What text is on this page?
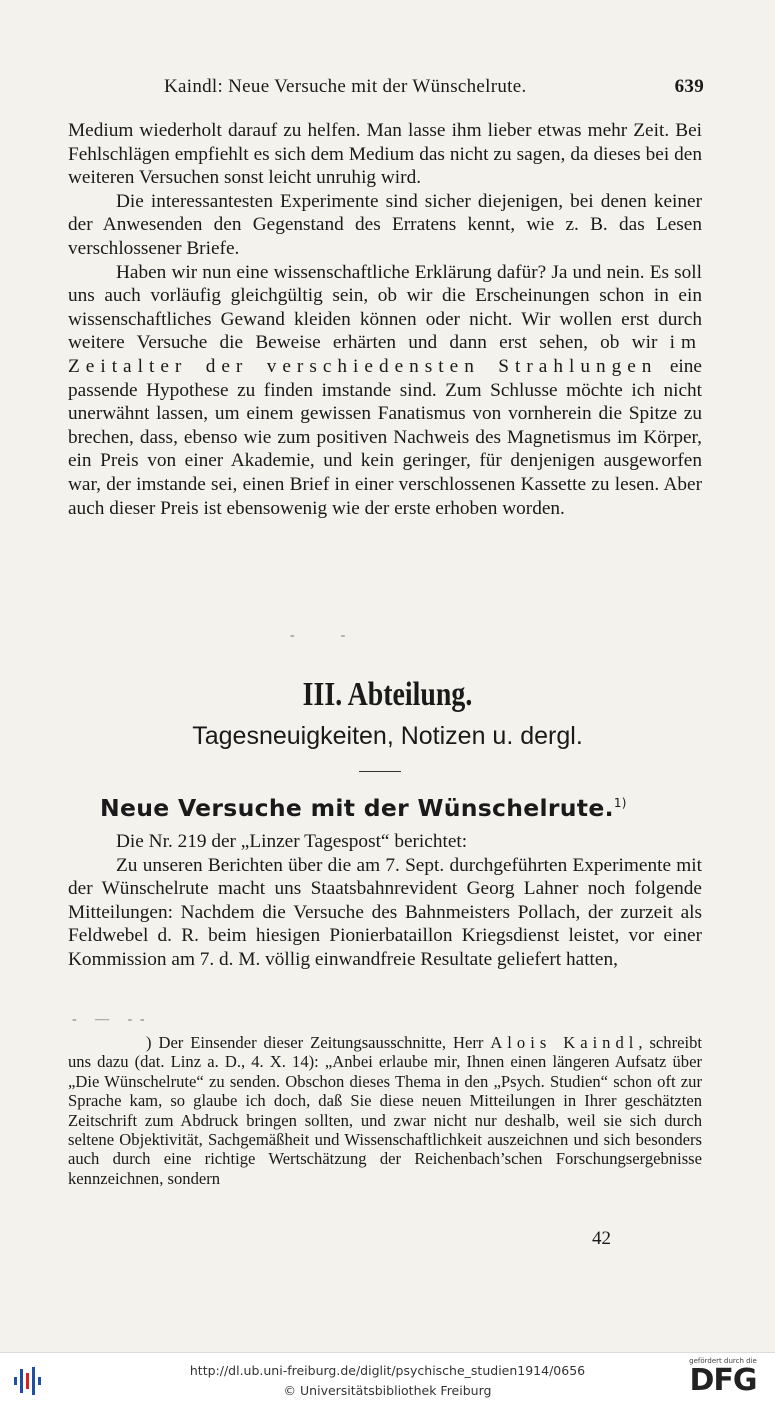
Kaindl: Neue Versuche mit der Wünschelrute.	639

Medium wiederholt darauf zu helfen. Man lasse ihm lieber etwas mehr Zeit. Bei Fehlschlägen empfiehlt es sich dem Medium das nicht zu sagen, da dieses bei den weiteren Versuchen sonst leicht unruhig wird.

Die interessantesten Experimente sind sicher diejenigen, bei denen keiner der Anwesenden den Gegenstand des Erratens kennt, wie z. B. das Lesen verschlossener Briefe.

Haben wir nun eine wissenschaftliche Erklärung dafür? Ja und nein. Es soll uns auch vorläufig gleichgültig sein, ob wir die Erscheinungen schon in ein wissenschaftliches Gewand kleiden können oder nicht. Wir wollen erst durch weitere Versuche die Beweise erhärten und dann erst sehen, ob wir im Zeitalter der verschiedensten Strahlungen eine passende Hypothese zu finden imstande sind. Zum Schlusse möchte ich nicht unerwähnt lassen, um einem gewissen Fanatismus von vornherein die Spitze zu brechen, dass, ebenso wie zum positiven Nachweis des Magnetismus im Körper, ein Preis von einer Akademie, und kein geringer, für denjenigen ausgeworfen war, der imstande sei, einen Brief in einer verschlossenen Kassette zu lesen. Aber auch dieser Preis ist ebensowenig wie der erste erhoben worden.

-        -
III. Abteilung.
Tagesneuigkeiten, Notizen u. dergl.
Neue Versuche mit der Wünschelrute.$^{1)}$

Die Nr. 219 der „Linzer Tagespost“ berichtet:

Zu unseren Berichten über die am 7. Sept. durchgeführten Experimente mit der Wünschelrute macht uns Staatsbahnrevident Georg Lahner noch folgende Mitteilungen: Nachdem die Versuche des Bahnmeisters Pollach, der zurzeit als Feldwebel d. R. beim hiesigen Pionierbataillon Kriegsdienst leistet, vor einer Kommission am 7. d. M. völlig einwandfreie Resultate geliefert hatten,

-   —   - -

) Der Einsender dieser Zeitungsausschnitte, Herr Alois Kaindl, schreibt uns dazu (dat. Linz a. D., 4. X. 14): „Anbei erlaube mir, Ihnen einen längeren Aufsatz über „Die Wünschelrute“ zu senden. Obschon dieses Thema in den „Psych. Studien“ schon oft zur Sprache kam, so glaube ich doch, daß Sie diese neuen Mitteilungen in Ihrer geschätzten Zeitschrift zum Abdruck bringen sollten, und zwar nicht nur deshalb, weil sie sich durch seltene Objektivität, Sachgemäßheit und Wissenschaftlichkeit auszeichnen und sich besonders auch durch eine richtige Wertschätzung der Reichenbach’schen Forschungsergebnisse kennzeichnen, sondern

42
http://dl.ub.uni-freiburg.de/diglit/psychische_studien1914/0656
© Universitätsbibliothek Freiburg
gefördert durch die
DFG
